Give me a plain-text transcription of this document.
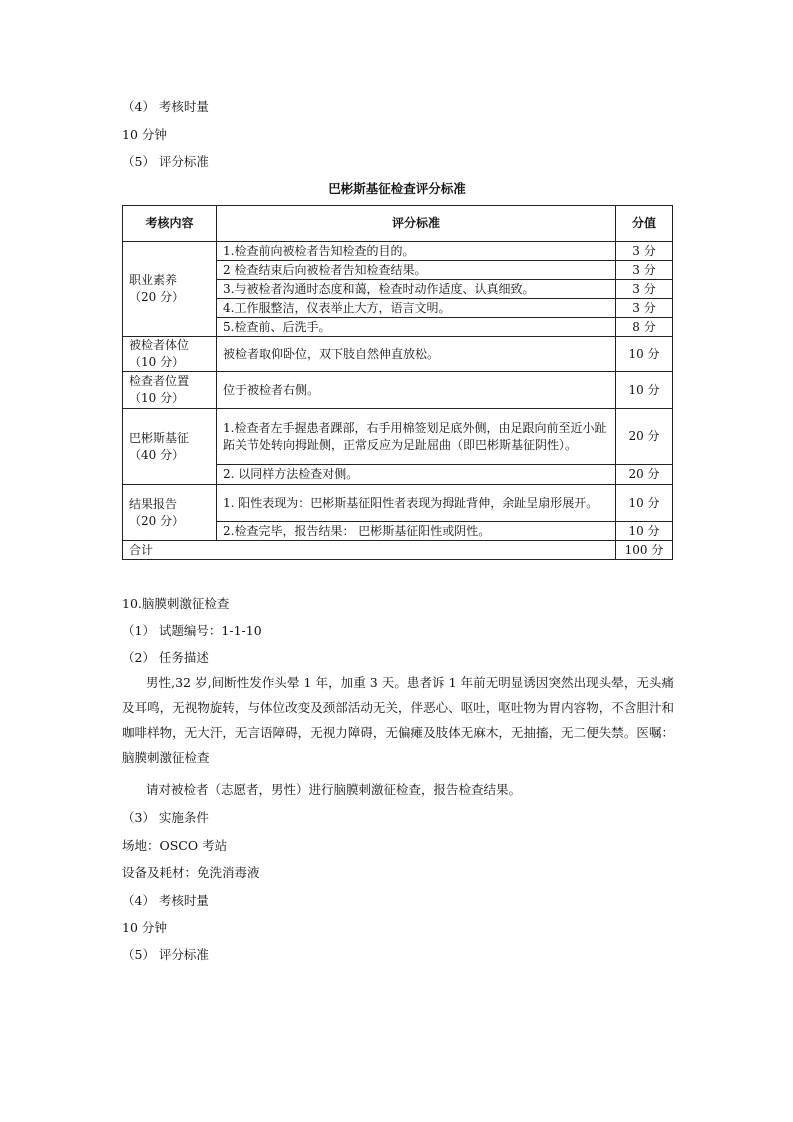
（4） 考核时量
10 分钟
（5） 评分标准
巴彬斯基征检查评分标准
考核内容	评分标准	分值

职业素养
（20 分）	1.检查前向被检者告知检查的目的。	3 分
	2 检查结束后向被检者告知检查结果。	3 分
	3.与被检者沟通时态度和蔼，检查时动作适度、认真细致。	3 分
	4.工作服整洁，仪表举止大方，语言文明。	3 分
	5.检查前、后洗手。	8 分

被检者体位
（10 分）	被检者取仰卧位，双下肢自然伸直放松。	10 分

检查者位置
（10 分）	位于被检者右侧。	10 分

巴彬斯基征
（40 分）	1.检查者左手握患者踝部，右手用棉签划足底外侧，由足跟向前至近小趾跖关节处转向拇趾侧，正常反应为足趾屈曲（即巴彬斯基征阴性）。	20 分
	2. 以同样方法检查对侧。	20 分

结果报告
（20 分）	1. 阳性表现为：巴彬斯基征阳性者表现为拇趾背伸，余趾呈扇形展开。	10 分
	2.检查完毕，报告结果： 巴彬斯基征阳性或阴性。	10 分
合计		100 分
10.脑膜刺激征检查
（1） 试题编号：1-1-10
（2） 任务描述
男性,32 岁,间断性发作头晕 1 年，加重 3 天。患者诉 1 年前无明显诱因突然出现头晕，无头痛及耳鸣，无视物旋转，与体位改变及颈部活动无关，伴恶心、呕吐，呕吐物为胃内容物，不含胆汁和咖啡样物，无大汗，无言语障碍，无视力障碍，无偏瘫及肢体无麻木，无抽搐，无二便失禁。医嘱：脑膜刺激征检查
请对被检者（志愿者，男性）进行脑膜刺激征检查，报告检查结果。
（3） 实施条件
场地：OSCO 考站
设备及耗材：免洗消毒液
（4） 考核时量
10 分钟
（5） 评分标准
